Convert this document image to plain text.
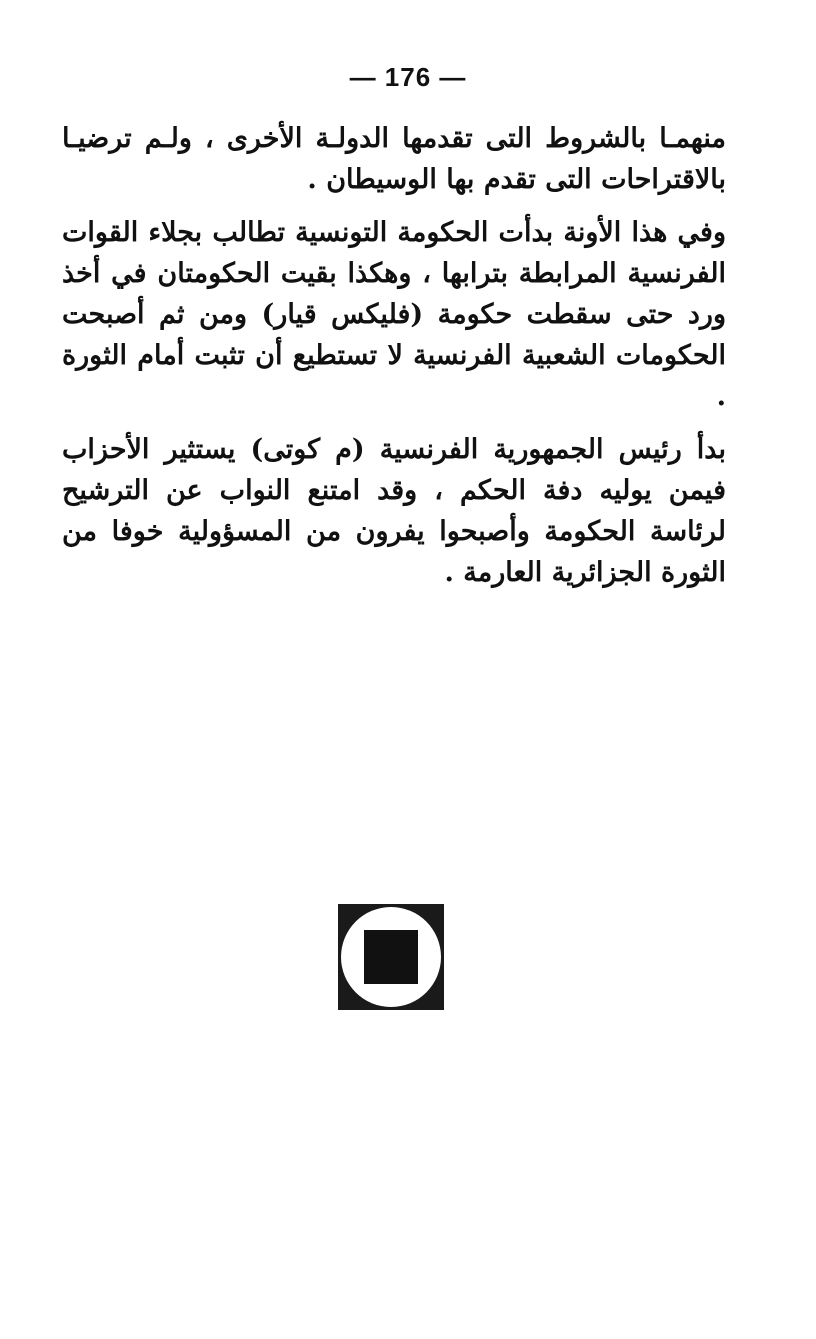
— 176 —

منهمـا بالشروط التى تقدمها الدولـة الأخرى ، ولـم ترضيـا بالاقتراحات التى تقدم بها الوسيطان .

وفي هذا الأونة بدأت الحكومة التونسية تطالب بجلاء القوات الفرنسية المرابطة بترابها ، وهكذا بقيت الحكومتان في أخذ ورد حتى سقطت حكومة (فليكس قيار) ومن ثم أصبحت الحكومات الشعبية الفرنسية لا تستطيع أن تثبت أمام الثورة .

بدأ رئيس الجمهورية الفرنسية (م كوتى) يستثير الأحزاب فيمن يوليه دفة الحكم ، وقد امتنع النواب عن الترشيح لرئاسة الحكومة وأصبحوا يفرون من المسؤولية خوفا من الثورة الجزائرية العارمة .
